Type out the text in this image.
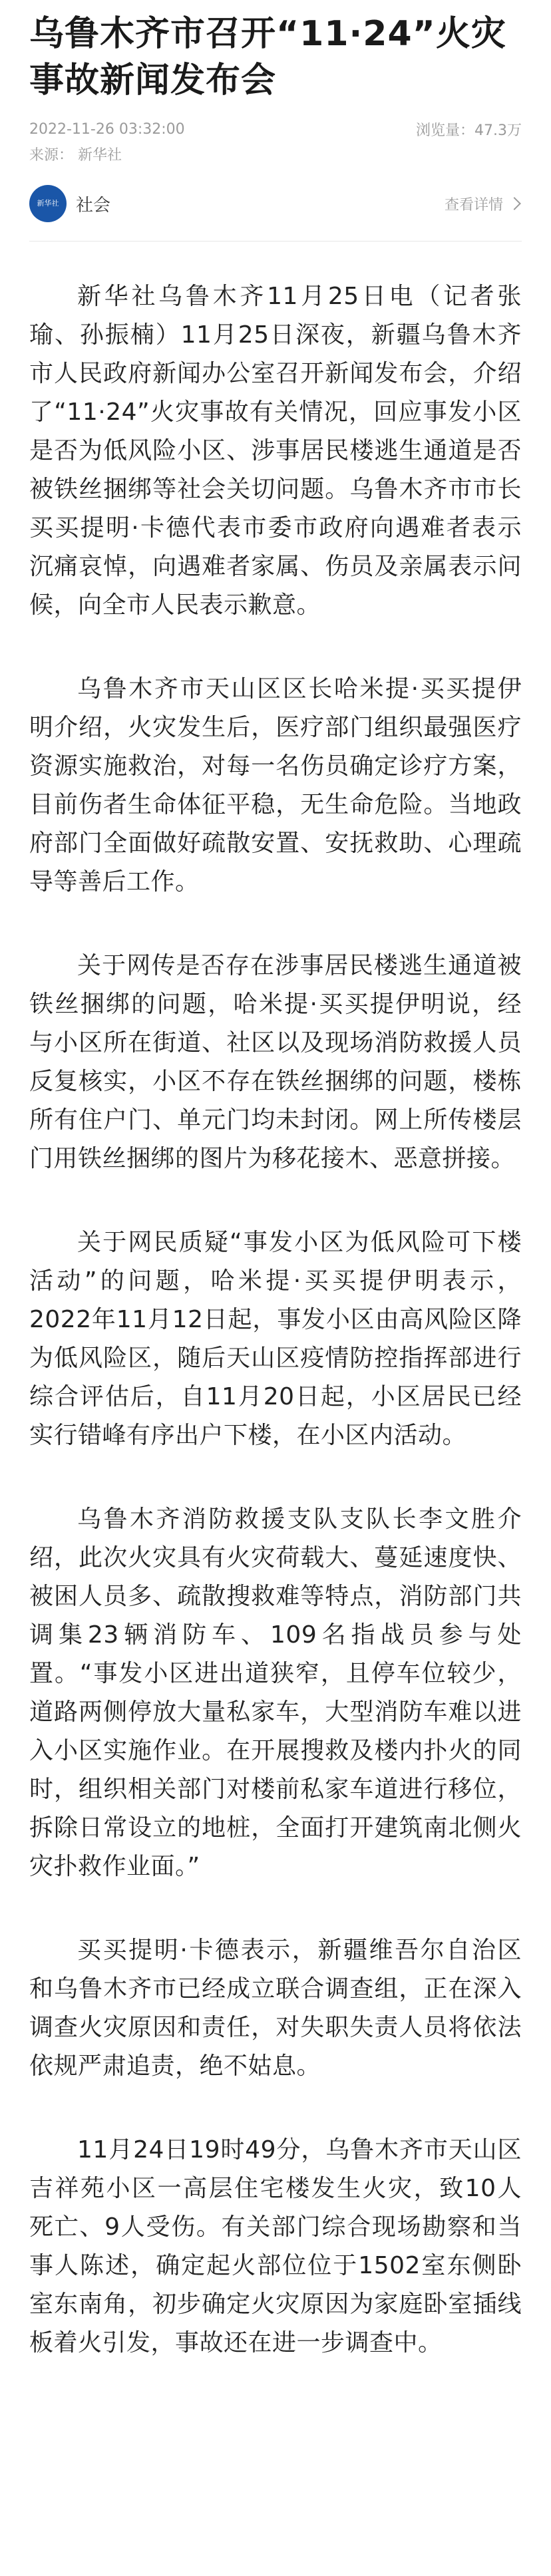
乌鲁木齐市召开“11·24”火灾事故新闻发布会
2022-11-26 03:32:00	浏览量：47.3万
来源： 新华社
新华社 社会	查看详情

新华社乌鲁木齐11月25日电（记者张瑜、孙振楠）11月25日深夜，新疆乌鲁木齐市人民政府新闻办公室召开新闻发布会，介绍了“11·24”火灾事故有关情况，回应事发小区是否为低风险小区、涉事居民楼逃生通道是否被铁丝捆绑等社会关切问题。乌鲁木齐市市长买买提明·卡德代表市委市政府向遇难者表示沉痛哀悼，向遇难者家属、伤员及亲属表示问候，向全市人民表示歉意。

乌鲁木齐市天山区区长哈米提·买买提伊明介绍，火灾发生后，医疗部门组织最强医疗资源实施救治，对每一名伤员确定诊疗方案，目前伤者生命体征平稳，无生命危险。当地政府部门全面做好疏散安置、安抚救助、心理疏导等善后工作。

关于网传是否存在涉事居民楼逃生通道被铁丝捆绑的问题，哈米提·买买提伊明说，经与小区所在街道、社区以及现场消防救援人员反复核实，小区不存在铁丝捆绑的问题，楼栋所有住户门、单元门均未封闭。网上所传楼层门用铁丝捆绑的图片为移花接木、恶意拼接。

关于网民质疑“事发小区为低风险可下楼活动”的问题，哈米提·买买提伊明表示，2022年11月12日起，事发小区由高风险区降为低风险区，随后天山区疫情防控指挥部进行综合评估后，自11月20日起，小区居民已经实行错峰有序出户下楼，在小区内活动。

乌鲁木齐消防救援支队支队长李文胜介绍，此次火灾具有火灾荷载大、蔓延速度快、被困人员多、疏散搜救难等特点，消防部门共调集23辆消防车、109名指战员参与处置。“事发小区进出道狭窄，且停车位较少，道路两侧停放大量私家车，大型消防车难以进入小区实施作业。在开展搜救及楼内扑火的同时，组织相关部门对楼前私家车道进行移位，拆除日常设立的地桩，全面打开建筑南北侧火灾扑救作业面。”

买买提明·卡德表示，新疆维吾尔自治区和乌鲁木齐市已经成立联合调查组，正在深入调查火灾原因和责任，对失职失责人员将依法依规严肃追责，绝不姑息。

11月24日19时49分，乌鲁木齐市天山区吉祥苑小区一高层住宅楼发生火灾，致10人死亡、9人受伤。有关部门综合现场勘察和当事人陈述，确定起火部位位于1502室东侧卧室东南角，初步确定火灾原因为家庭卧室插线板着火引发，事故还在进一步调查中。
